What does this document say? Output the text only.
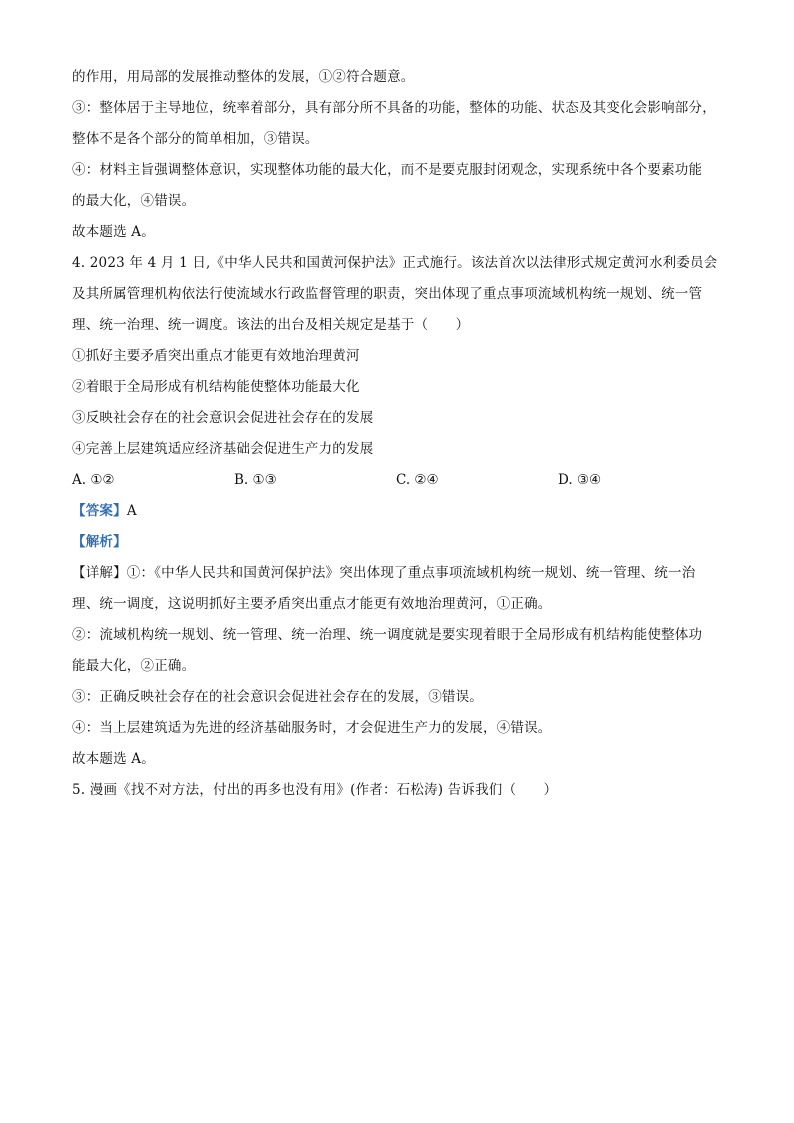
的作用，用局部的发展推动整体的发展，①②符合题意。
③：整体居于主导地位，统率着部分，具有部分所不具备的功能，整体的功能、状态及其变化会影响部分，
整体不是各个部分的简单相加，③错误。
④：材料主旨强调整体意识，实现整体功能的最大化，而不是要克服封闭观念，实现系统中各个要素功能
的最大化，④错误。
故本题选 A。
4. 2023 年 4 月 1 日,《中华人民共和国黄河保护法》正式施行。该法首次以法律形式规定黄河水利委员会
及其所属管理机构依法行使流域水行政监督管理的职责，突出体现了重点事项流域机构统一规划、统一管
理、统一治理、统一调度。该法的出台及相关规定是基于（　　）
①抓好主要矛盾突出重点才能更有效地治理黄河
②着眼于全局形成有机结构能使整体功能最大化
③反映社会存在的社会意识会促进社会存在的发展
④完善上层建筑适应经济基础会促进生产力的发展
A. ①②	B. ①③	C. ②④	D. ③④
【答案】A
【解析】
【详解】①：《中华人民共和国黄河保护法》突出体现了重点事项流域机构统一规划、统一管理、统一治
理、统一调度，这说明抓好主要矛盾突出重点才能更有效地治理黄河，①正确。
②：流域机构统一规划、统一管理、统一治理、统一调度就是要实现着眼于全局形成有机结构能使整体功
能最大化，②正确。
③：正确反映社会存在的社会意识会促进社会存在的发展，③错误。
④：当上层建筑适为先进的经济基础服务时，才会促进生产力的发展，④错误。
故本题选 A。
5. 漫画《找不对方法，付出的再多也没有用》(作者：石松涛) 告诉我们（　　）
